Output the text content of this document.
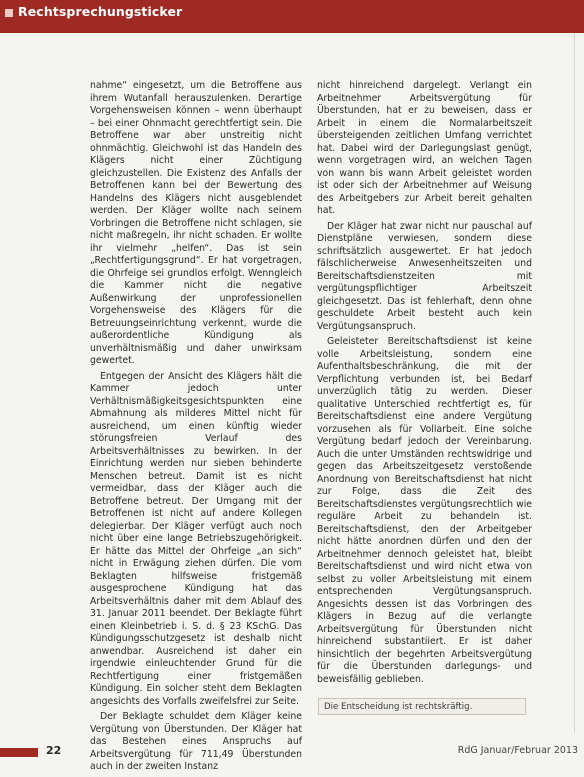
Rechtsprechungsticker

nahme“ eingesetzt, um die Betroffene aus ihrem Wutanfall herauszulenken. Derartige Vorgehensweisen können – wenn überhaupt – bei einer Ohnmacht gerechtfertigt sein. Die Betroffene war aber unstreitig nicht ohnmächtig. Gleichwohl ist das Handeln des Klägers nicht einer Züchtigung gleichzustellen. Die Existenz des Anfalls der Betroffenen kann bei der Bewertung des Handelns des Klägers nicht ausgeblendet werden. Der Kläger wollte nach seinem Vorbringen die Betroffene nicht schlagen, sie nicht maßregeln, ihr nicht schaden. Er wollte ihr vielmehr „helfen“. Das ist sein „Rechtfertigungsgrund“. Er hat vorgetragen, die Ohrfeige sei grundlos erfolgt. Wenngleich die Kammer nicht die negative Außenwirkung der unprofessionellen Vorgehensweise des Klägers für die Betreuungseinrichtung verkennt, wurde die außerordentliche Kündigung als unverhältnismäßig und daher unwirksam gewertet.

Entgegen der Ansicht des Klägers hält die Kammer jedoch unter Verhältnismäßigkeitsgesichtspunkten eine Abmahnung als milderes Mittel nicht für ausreichend, um einen künftig wieder störungsfreien Verlauf des Arbeitsverhältnisses zu bewirken. In der Einrichtung werden nur sieben behinderte Menschen betreut. Damit ist es nicht vermeidbar, dass der Kläger auch die Betroffene betreut. Der Umgang mit der Betroffenen ist nicht auf andere Kollegen delegierbar. Der Kläger verfügt auch noch nicht über eine lange Betriebszugehörigkeit. Er hätte das Mittel der Ohrfeige „an sich“ nicht in Erwägung ziehen dürfen. Die vom Beklagten hilfsweise fristgemäß ausgesprochene Kündigung hat das Arbeitsverhältnis daher mit dem Ablauf des 31. Januar 2011 beendet. Der Beklagte führt einen Kleinbetrieb i. S. d. § 23 KSchG. Das Kündigungsschutzgesetz ist deshalb nicht anwendbar. Ausreichend ist daher ein irgendwie einleuchtender Grund für die Rechtfertigung einer fristgemäßen Kündigung. Ein solcher steht dem Beklagten angesichts des Vorfalls zweifelsfrei zur Seite.

Der Beklagte schuldet dem Kläger keine Vergütung von Überstunden. Der Kläger hat das Bestehen eines Anspruchs auf Arbeitsvergütung für 711,49 Überstunden auch in der zweiten Instanz

nicht hinreichend dargelegt. Verlangt ein Arbeitnehmer Arbeitsvergütung für Überstunden, hat er zu beweisen, dass er Arbeit in einem die Normalarbeitszeit übersteigenden zeitlichen Umfang verrichtet hat. Dabei wird der Darlegungslast genügt, wenn vorgetragen wird, an welchen Tagen von wann bis wann Arbeit geleistet worden ist oder sich der Arbeitnehmer auf Weisung des Arbeitgebers zur Arbeit bereit gehalten hat.

Der Kläger hat zwar nicht nur pauschal auf Dienstpläne verwiesen, sondern diese schriftsätzlich ausgewertet. Er hat jedoch fälschlicherweise Anwesenheitszeiten und Bereitschaftsdienstzeiten mit vergütungspflichtiger Arbeitszeit gleichgesetzt. Das ist fehlerhaft, denn ohne geschuldete Arbeit besteht auch kein Vergütungsanspruch.

Geleisteter Bereitschaftsdienst ist keine volle Arbeitsleistung, sondern eine Aufenthaltsbeschränkung, die mit der Verpflichtung verbunden ist, bei Bedarf unverzüglich tätig zu werden. Dieser qualitative Unterschied rechtfertigt es, für Bereitschaftsdienst eine andere Vergütung vorzusehen als für Vollarbeit. Eine solche Vergütung bedarf jedoch der Vereinbarung. Auch die unter Umständen rechtswidrige und gegen das Arbeitszeitgesetz verstoßende Anordnung von Bereitschaftsdienst hat nicht zur Folge, dass die Zeit des Bereitschaftsdienstes vergütungsrechtlich wie reguläre Arbeit zu behandeln ist. Bereitschaftsdienst, den der Arbeitgeber nicht hätte anordnen dürfen und den der Arbeitnehmer dennoch geleistet hat, bleibt Bereitschaftsdienst und wird nicht etwa von selbst zu voller Arbeitsleistung mit einem entsprechenden Vergütungsanspruch. Angesichts dessen ist das Vorbringen des Klägers in Bezug auf die verlangte Arbeitsvergütung für Überstunden nicht hinreichend substantiiert. Er ist daher hinsichtlich der begehrten Arbeitsvergütung für die Überstunden darlegungs- und beweisfällig geblieben.

Die Entscheidung ist rechtskräftig.
22	RdG Januar/Februar 2013
